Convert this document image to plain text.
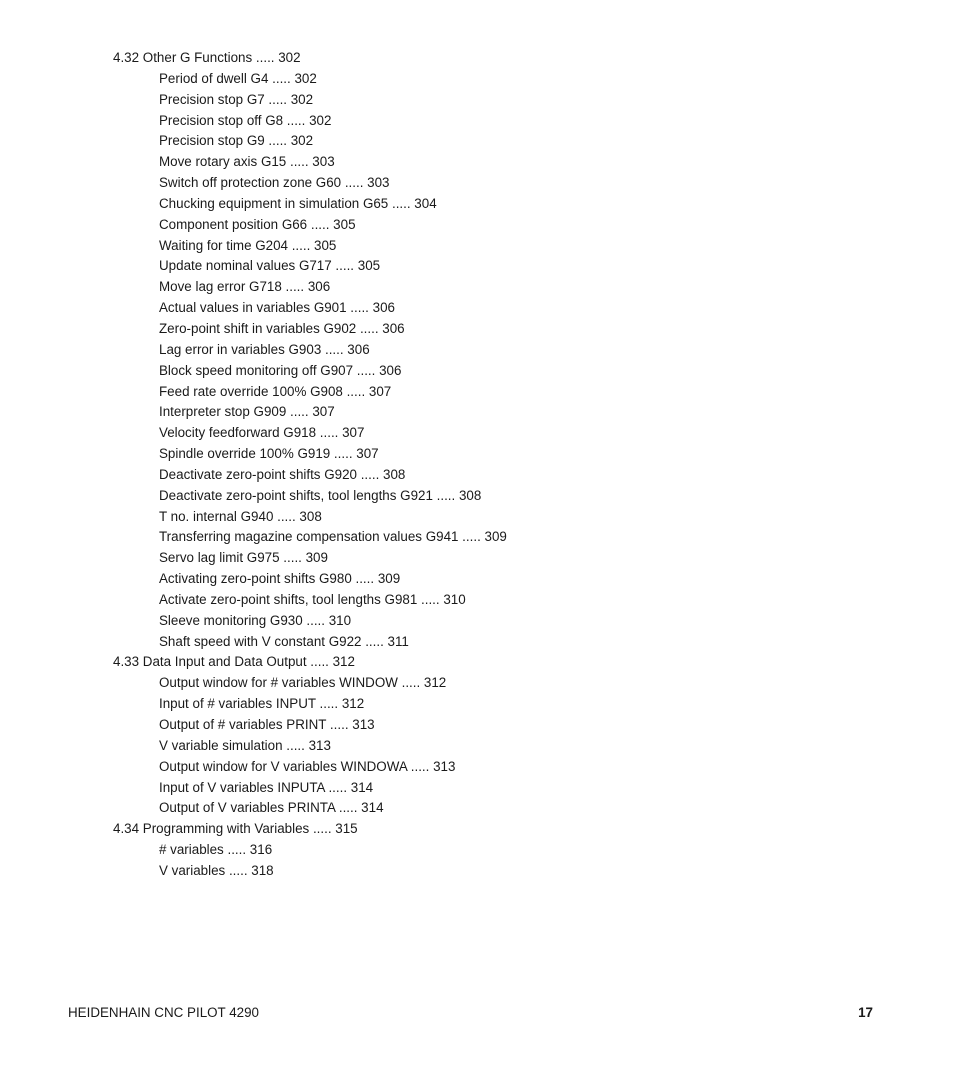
4.32 Other G Functions ..... 302
Period of dwell G4 ..... 302
Precision stop G7 ..... 302
Precision stop off G8 ..... 302
Precision stop G9 ..... 302
Move rotary axis G15 ..... 303
Switch off protection zone G60 ..... 303
Chucking equipment in simulation G65 ..... 304
Component position G66 ..... 305
Waiting for time G204 ..... 305
Update nominal values G717 ..... 305
Move lag error G718 ..... 306
Actual values in variables G901 ..... 306
Zero-point shift in variables G902 ..... 306
Lag error in variables G903 ..... 306
Block speed monitoring off G907 ..... 306
Feed rate override 100% G908 ..... 307
Interpreter stop G909 ..... 307
Velocity feedforward G918 ..... 307
Spindle override 100% G919 ..... 307
Deactivate zero-point shifts G920 ..... 308
Deactivate zero-point shifts, tool lengths G921 ..... 308
T no. internal G940 ..... 308
Transferring magazine compensation values G941 ..... 309
Servo lag limit G975 ..... 309
Activating zero-point shifts G980 ..... 309
Activate zero-point shifts, tool lengths G981 ..... 310
Sleeve monitoring G930 ..... 310
Shaft speed with V constant G922 ..... 311
4.33 Data Input and Data Output ..... 312
Output window for # variables WINDOW ..... 312
Input of # variables INPUT ..... 312
Output of # variables PRINT ..... 313
V variable simulation ..... 313
Output window for V variables WINDOWA ..... 313
Input of V variables INPUTA ..... 314
Output of V variables PRINTA ..... 314
4.34 Programming with Variables ..... 315
# variables ..... 316
V variables ..... 318
HEIDENHAIN CNC PILOT 4290	17
